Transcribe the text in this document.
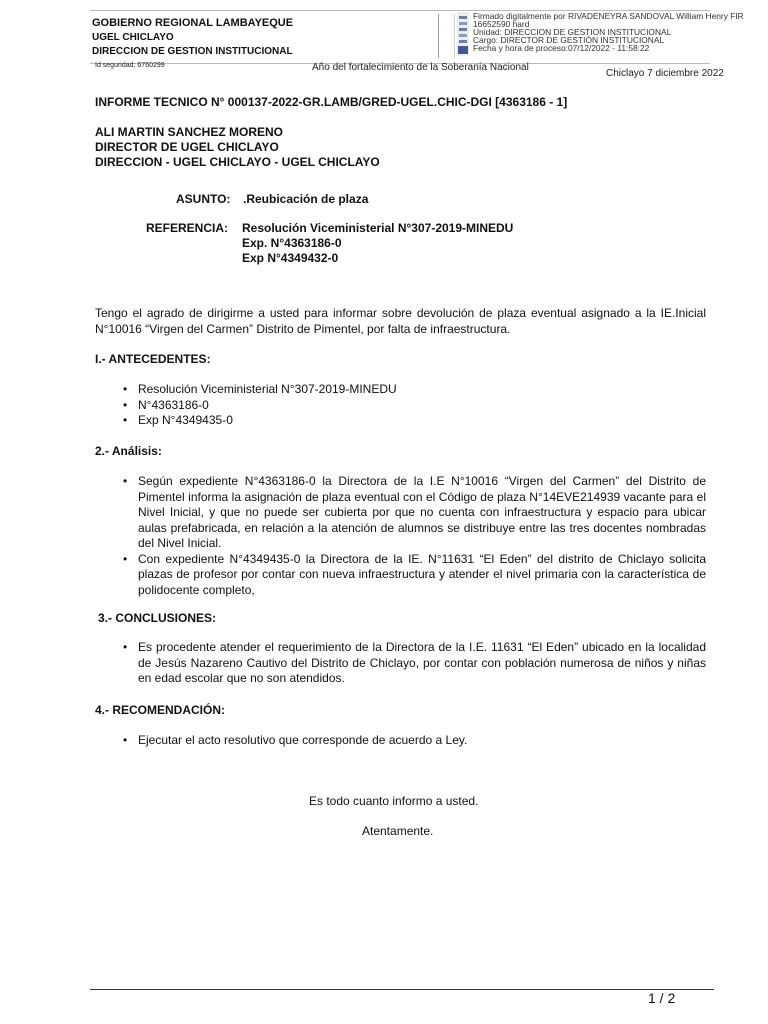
GOBIERNO REGIONAL LAMBAYEQUE
UGEL CHICLAYO
DIRECCION DE GESTION INSTITUCIONAL
Firmado digitalmente por RIVADENEYRA SANDOVAL William Henry FIR
16652590 hard
Unidad: DIRECCION DE GESTION INSTITUCIONAL
Cargo: DIRECTOR DE GESTIÓN INSTITUCIONAL
Fecha y hora de proceso:07/12/2022 - 11:58:22
Id seguridad: 6760299	Año del fortalecimiento de la Soberanía Nacional
Chiclayo 7 diciembre 2022
INFORME TECNICO N° 000137-2022-GR.LAMB/GRED-UGEL.CHIC-DGI [4363186 - 1]
ALI MARTIN SANCHEZ MORENO
DIRECTOR DE UGEL CHICLAYO
DIRECCION - UGEL CHICLAYO - UGEL CHICLAYO
ASUNTO: .Reubicación de plaza
REFERENCIA: Resolución Viceministerial N°307-2019-MINEDU
Exp. N°4363186-0
Exp N°4349432-0
Tengo el agrado de dirigirme a usted para informar sobre devolución de plaza eventual asignado a la IE.Inicial N°10016 “Virgen del Carmen” Distrito de Pimentel, por falta de infraestructura.
I.- ANTECEDENTES:
• Resolución Viceministerial N°307-2019-MINEDU
• N°4363186-0
• Exp N°4349435-0
2.- Análisis:
• Según expediente N°4363186-0 la Directora de la I.E N°10016 “Virgen del Carmen” del Distrito de Pimentel informa la asignación de plaza eventual con el Código de plaza N°14EVE214939 vacante para el Nivel Inicial, y que no puede ser cubierta por que no cuenta con infraestructura y espacio para ubicar aulas prefabricada, en relación a la atención de alumnos se distribuye entre las tres docentes nombradas del Nivel Inicial.
• Con expediente N°4349435-0 la Directora de la IE. N°11631 “El Eden” del distrito de Chiclayo solicita plazas de profesor por contar con nueva infraestructura y atender el nivel primaria con la característica de polidocente completo,
3.- CONCLUSIONES:
• Es procedente atender el requerimiento de la Directora de la I.E. 11631 “El Eden” ubicado en la localidad de Jesús Nazareno Cautivo del Distrito de Chiclayo, por contar con población numerosa de niños y niñas en edad escolar que no son atendidos.
4.- RECOMENDACIÓN:
• Ejecutar el acto resolutivo que corresponde de acuerdo a Ley.
Es todo cuanto informo a usted.
Atentamente.
1 / 2
